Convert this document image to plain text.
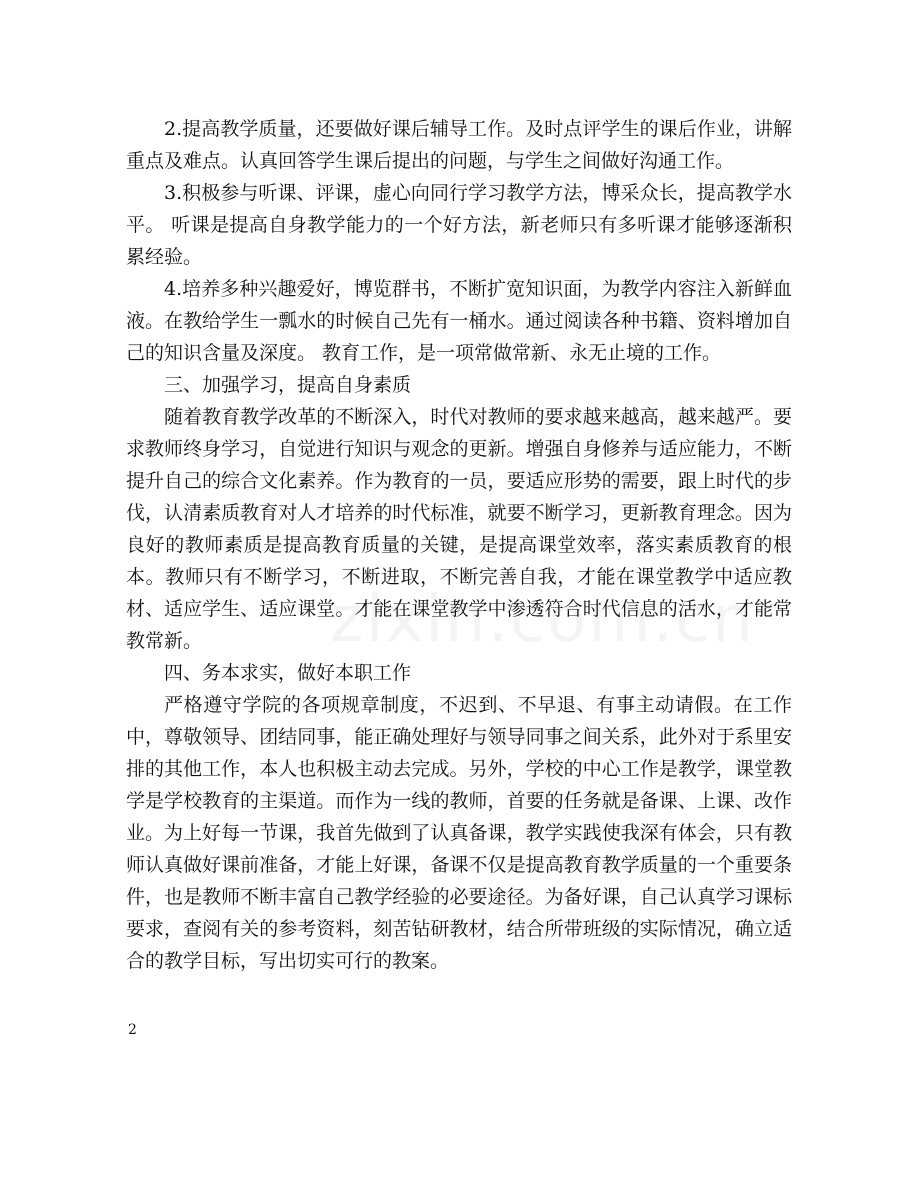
2.提高教学质量，还要做好课后辅导工作。及时点评学生的课后作业，讲解重点及难点。认真回答学生课后提出的问题，与学生之间做好沟通工作。

3.积极参与听课、评课，虚心向同行学习教学方法，博采众长，提高教学水平。 听课是提高自身教学能力的一个好方法，新老师只有多听课才能够逐渐积累经验。

4.培养多种兴趣爱好，博览群书，不断扩宽知识面，为教学内容注入新鲜血液。在教给学生一瓢水的时候自己先有一桶水。通过阅读各种书籍、资料增加自己的知识含量及深度。 教育工作，是一项常做常新、永无止境的工作。

三、加强学习，提高自身素质

随着教育教学改革的不断深入，时代对教师的要求越来越高，越来越严。要求教师终身学习，自觉进行知识与观念的更新。增强自身修养与适应能力，不断提升自己的综合文化素养。作为教育的一员，要适应形势的需要，跟上时代的步伐，认清素质教育对人才培养的时代标准，就要不断学习，更新教育理念。因为良好的教师素质是提高教育质量的关键，是提高课堂效率，落实素质教育的根本。教师只有不断学习，不断进取，不断完善自我，才能在课堂教学中适应教材、适应学生、适应课堂。才能在课堂教学中渗透符合时代信息的活水，才能常教常新。

四、务本求实，做好本职工作

严格遵守学院的各项规章制度，不迟到、不早退、有事主动请假。在工作中，尊敬领导、团结同事，能正确处理好与领导同事之间关系，此外对于系里安排的其他工作，本人也积极主动去完成。另外，学校的中心工作是教学，课堂教学是学校教育的主渠道。而作为一线的教师，首要的任务就是备课、上课、改作业。为上好每一节课，我首先做到了认真备课，教学实践使我深有体会，只有教师认真做好课前准备，才能上好课，备课不仅是提高教育教学质量的一个重要条件，也是教师不断丰富自己教学经验的必要途径。为备好课，自己认真学习课标要求，查阅有关的参考资料，刻苦钻研教材，结合所带班级的实际情况，确立适合的教学目标，写出切实可行的教案。

2
